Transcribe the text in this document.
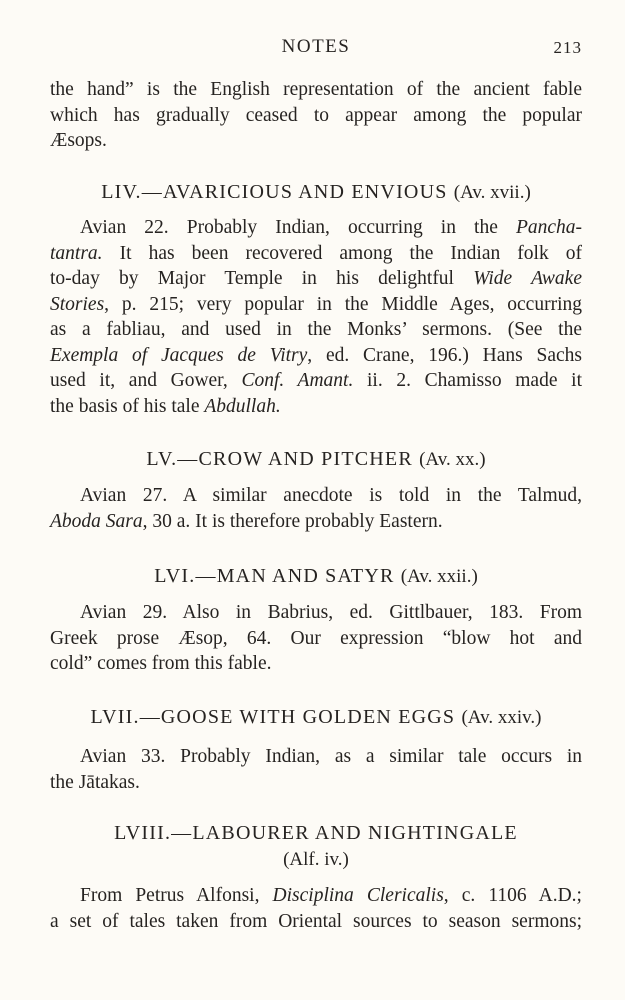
NOTES	213
the hand” is the English representation of the ancient fable
which has gradually ceased to appear among the popular
Æsops.
LIV.—AVARICIOUS AND ENVIOUS (Av. xvii.)
Avian 22. Probably Indian, occurring in the Pancha-
tantra. It has been recovered among the Indian folk of
to-day by Major Temple in his delightful Wide Awake
Stories, p. 215; very popular in the Middle Ages, occurring
as a fabliau, and used in the Monks’ sermons. (See the
Exempla of Jacques de Vitry, ed. Crane, 196.) Hans Sachs
used it, and Gower, Conf. Amant. ii. 2. Chamisso made it
the basis of his tale Abdullah.
LV.—CROW AND PITCHER (Av. xx.)
Avian 27. A similar anecdote is told in the Talmud,
Aboda Sara, 30 a. It is therefore probably Eastern.
LVI.—MAN AND SATYR (Av. xxii.)
Avian 29. Also in Babrius, ed. Gittlbauer, 183. From
Greek prose Æsop, 64. Our expression “blow hot and
cold” comes from this fable.
LVII.—GOOSE WITH GOLDEN EGGS (Av. xxiv.)
Avian 33. Probably Indian, as a similar tale occurs in
the Jātakas.
LVIII.—LABOURER AND NIGHTINGALE
(Alf. iv.)
From Petrus Alfonsi, Disciplina Clericalis, c. 1106 A.D.;
a set of tales taken from Oriental sources to season sermons;
